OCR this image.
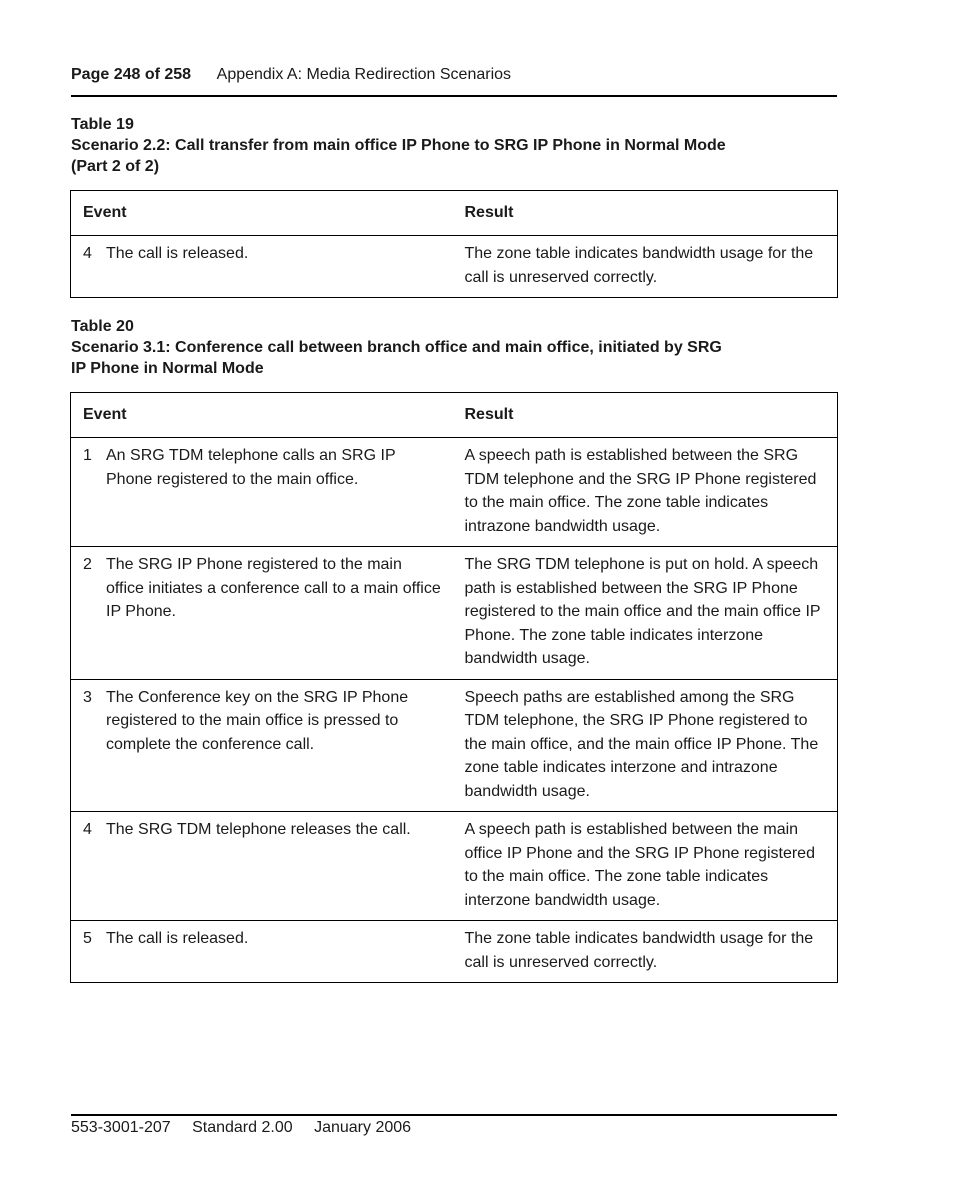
Page 248 of 258 Appendix A: Media Redirection Scenarios

Table 19

Scenario 2.2: Call transfer from main office IP Phone to SRG IP Phone in Normal Mode

(Part 2 of 2)

Event	Result
4 The call is released.	The zone table indicates bandwidth usage for the call is unreserved correctly.

Table 20

Scenario 3.1: Conference call between branch office and main office, initiated by SRG

IP Phone in Normal Mode

Event	Result
1 An SRG TDM telephone calls an SRG IP Phone registered to the main office.	A speech path is established between the SRG TDM telephone and the SRG IP Phone registered to the main office. The zone table indicates intrazone bandwidth usage.
2 The SRG IP Phone registered to the main office initiates a conference call to a main office IP Phone.	The SRG TDM telephone is put on hold. A speech path is established between the SRG IP Phone registered to the main office and the main office IP Phone. The zone table indicates interzone bandwidth usage.
3 The Conference key on the SRG IP Phone registered to the main office is pressed to complete the conference call.	Speech paths are established among the SRG TDM telephone, the SRG IP Phone registered to the main office, and the main office IP Phone. The zone table indicates interzone and intrazone bandwidth usage.
4 The SRG TDM telephone releases the call.	A speech path is established between the main office IP Phone and the SRG IP Phone registered to the main office. The zone table indicates interzone bandwidth usage.
5 The call is released.	The zone table indicates bandwidth usage for the call is unreserved correctly.
553-3001-207 Standard 2.00 January 2006
